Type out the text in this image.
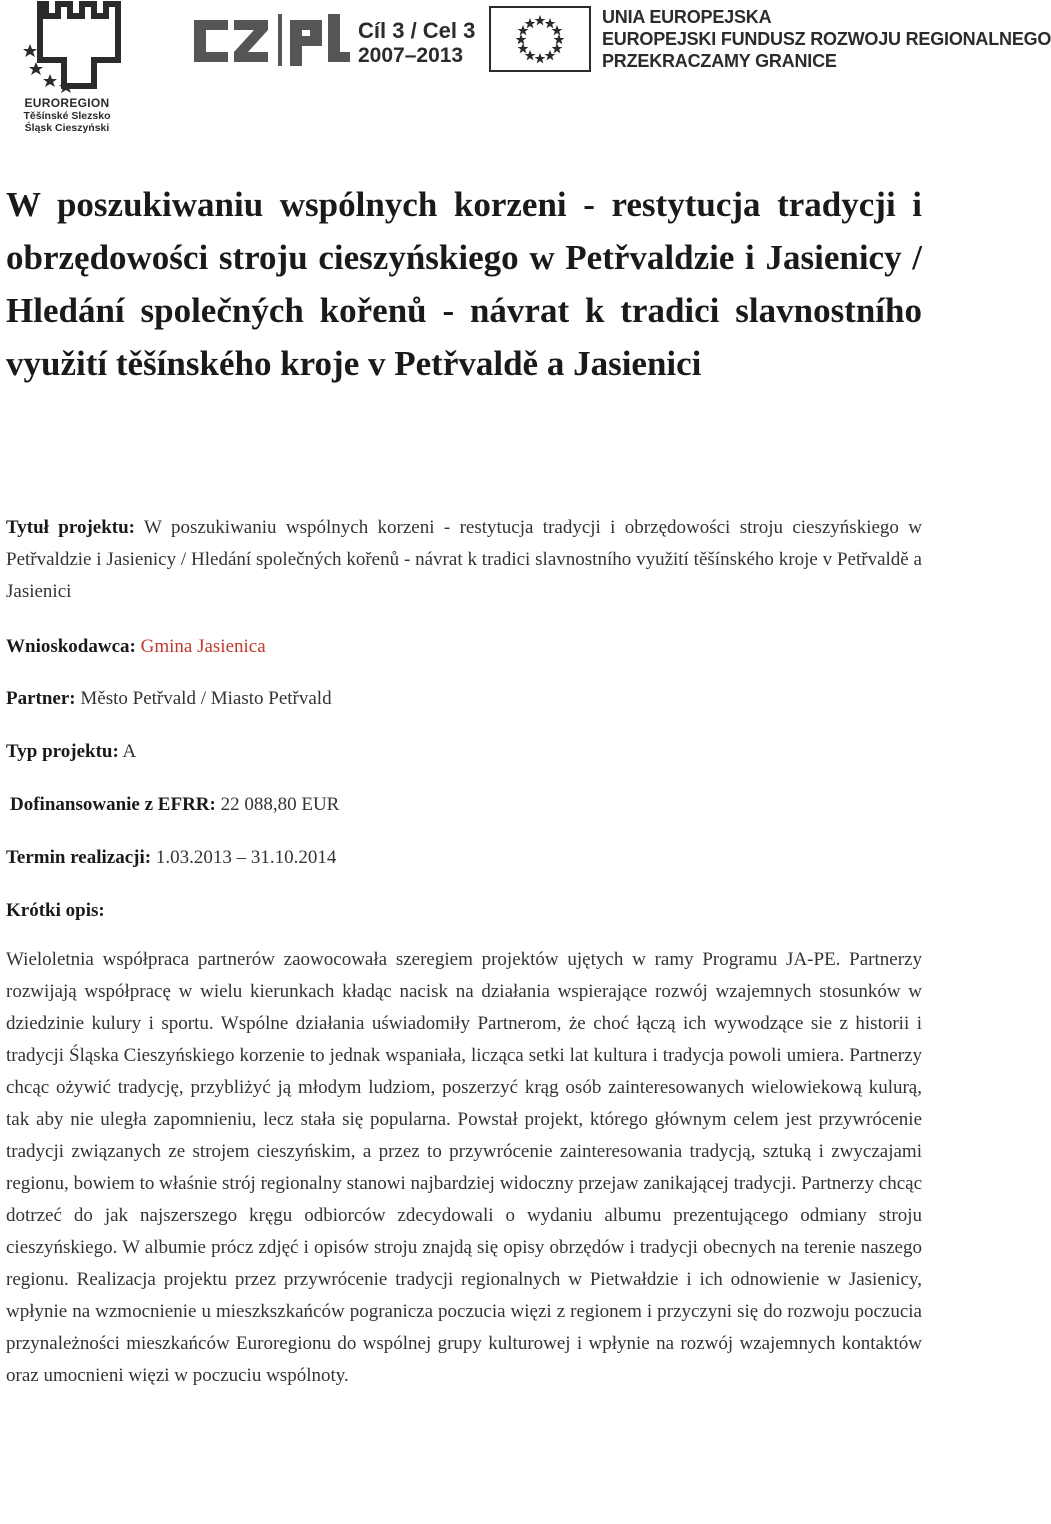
EUROREGION
Těšínské Slezsko
Śląsk Cieszyński
Cíl 3 / Cel 3
2007–2013
UNIA EUROPEJSKA
EUROPEJSKI FUNDUSZ ROZWOJU REGIONALNEGO
PRZEKRACZAMY GRANICE
W poszukiwaniu wspólnych korzeni - restytucja tradycji i obrzędowości stroju cieszyńskiego w Petřvaldzie i Jasienicy / Hledání společných kořenů - návrat k tradici slavnostního využití těšínského kroje v Petřvaldě a Jasienici

Tytuł projektu: W poszukiwaniu wspólnych korzeni - restytucja tradycji i obrzędowości stroju cieszyńskiego w Petřvaldzie i Jasienicy / Hledání společných kořenů - návrat k tradici slavnostního využití těšínského kroje v Petřvaldě a Jasienici

Wnioskodawca: Gmina Jasienica

Partner: Město Petřvald / Miasto Petřvald

Typ projektu: A

Dofinansowanie z EFRR: 22 088,80 EUR

Termin realizacji: 1.03.2013 – 31.10.2014

Krótki opis:

Wieloletnia współpraca partnerów zaowocowała szeregiem projektów ujętych w ramy Programu JA-PE. Partnerzy rozwijają współpracę w wielu kierunkach kładąc nacisk na działania wspierające rozwój wzajemnych stosunków w dziedzinie kulury i sportu. Wspólne działania uświadomiły Partnerom, że choć łączą ich wywodzące sie z historii i tradycji Śląska Cieszyńskiego korzenie to jednak wspaniała, licząca setki lat kultura i tradycja powoli umiera. Partnerzy chcąc ożywić tradycję, przybliżyć ją młodym ludziom, poszerzyć krąg osób zainteresowanych wielowiekową kulurą, tak aby nie uległa zapomnieniu, lecz stała się popularna. Powstał projekt, którego głównym celem jest przywrócenie tradycji związanych ze strojem cieszyńskim, a przez to przywrócenie zainteresowania tradycją, sztuką i zwyczajami regionu, bowiem to właśnie strój regionalny stanowi najbardziej widoczny przejaw zanikającej tradycji. Partnerzy chcąc dotrzeć do jak najszerszego kręgu odbiorców zdecydowali o wydaniu albumu prezentującego odmiany stroju cieszyńskiego. W albumie prócz zdjęć i opisów stroju znajdą się opisy obrzędów i tradycji obecnych na terenie naszego regionu. Realizacja projektu przez przywrócenie tradycji regionalnych w Pietwałdzie i ich odnowienie w Jasienicy, wpłynie na wzmocnienie u mieszkszkańców pogranicza poczucia więzi z regionem i przyczyni się do rozwoju poczucia przynależności mieszkańców Euroregionu do wspólnej grupy kulturowej i wpłynie na rozwój wzajemnych kontaktów oraz umocnieni więzi w poczuciu wspólnoty.
